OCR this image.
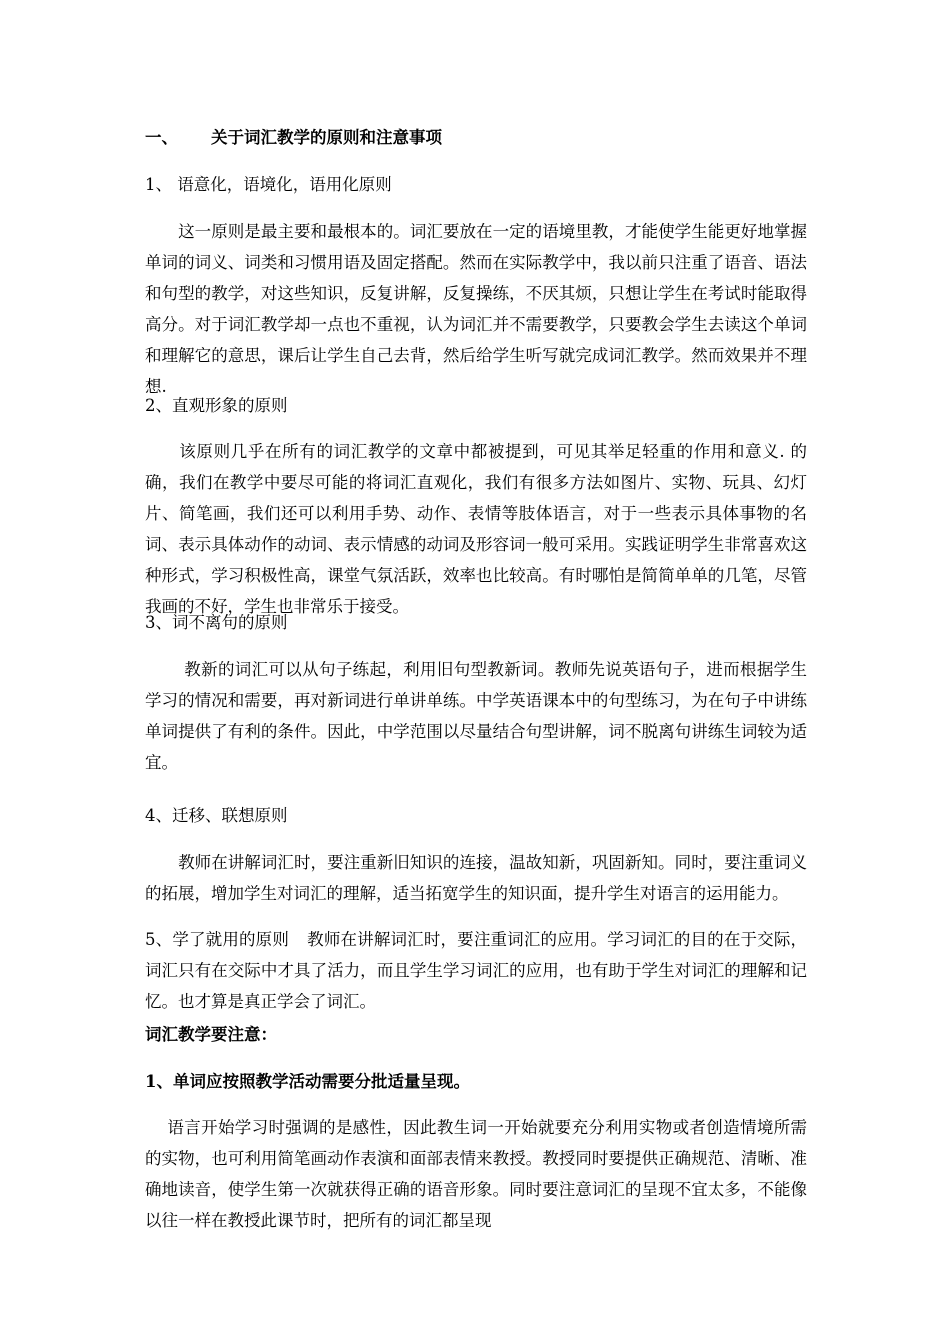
一、 关于词汇教学的原则和注意事项

1、 语意化，语境化，语用化原则

　　这一原则是最主要和最根本的。词汇要放在一定的语境里教，才能使学生能更好地掌握单词的词义、词类和习惯用语及固定搭配。然而在实际教学中，我以前只注重了语音、语法和句型的教学，对这些知识，反复讲解，反复操练，不厌其烦，只想让学生在考试时能取得高分。对于词汇教学却一点也不重视，认为词汇并不需要教学，只要教会学生去读这个单词和理解它的意思，课后让学生自己去背，然后给学生听写就完成词汇教学。然而效果并不理想.

2、直观形象的原则

　　该原则几乎在所有的词汇教学的文章中都被提到，可见其举足轻重的作用和意义. 的确，我们在教学中要尽可能的将词汇直观化，我们有很多方法如图片、实物、玩具、幻灯片、简笔画，我们还可以利用手势、动作、表情等肢体语言，对于一些表示具体事物的名词、表示具体动作的动词、表示情感的动词及形容词一般可采用。实践证明学生非常喜欢这种形式，学习积极性高，课堂气氛活跃，效率也比较高。有时哪怕是简简单单的几笔，尽管我画的不好，学生也非常乐于接受。

3、词不离句的原则

　　 教新的词汇可以从句子练起，利用旧句型教新词。教师先说英语句子，进而根据学生学习的情况和需要，再对新词进行单讲单练。中学英语课本中的句型练习，为在句子中讲练单词提供了有利的条件。因此，中学范围以尽量结合句型讲解，词不脱离句讲练生词较为适宜。

4、迁移、联想原则

　　教师在讲解词汇时，要注重新旧知识的连接，温故知新，巩固新知。同时，要注重词义的拓展，增加学生对词汇的理解，适当拓宽学生的知识面，提升学生对语言的运用能力。

5、学了就用的原则 教师在讲解词汇时，要注重词汇的应用。学习词汇的目的在于交际，词汇只有在交际中才具了活力，而且学生学习词汇的应用，也有助于学生对词汇的理解和记忆。也才算是真正学会了词汇。

词汇教学要注意：

1、单词应按照教学活动需要分批适量呈现。

　 语言开始学习时强调的是感性，因此教生词一开始就要充分利用实物或者创造情境所需的实物，也可利用简笔画动作表演和面部表情来教授。教授同时要提供正确规范、清晰、准确地读音，使学生第一次就获得正确的语音形象。同时要注意词汇的呈现不宜太多，不能像以往一样在教授此课节时，把所有的词汇都呈现
